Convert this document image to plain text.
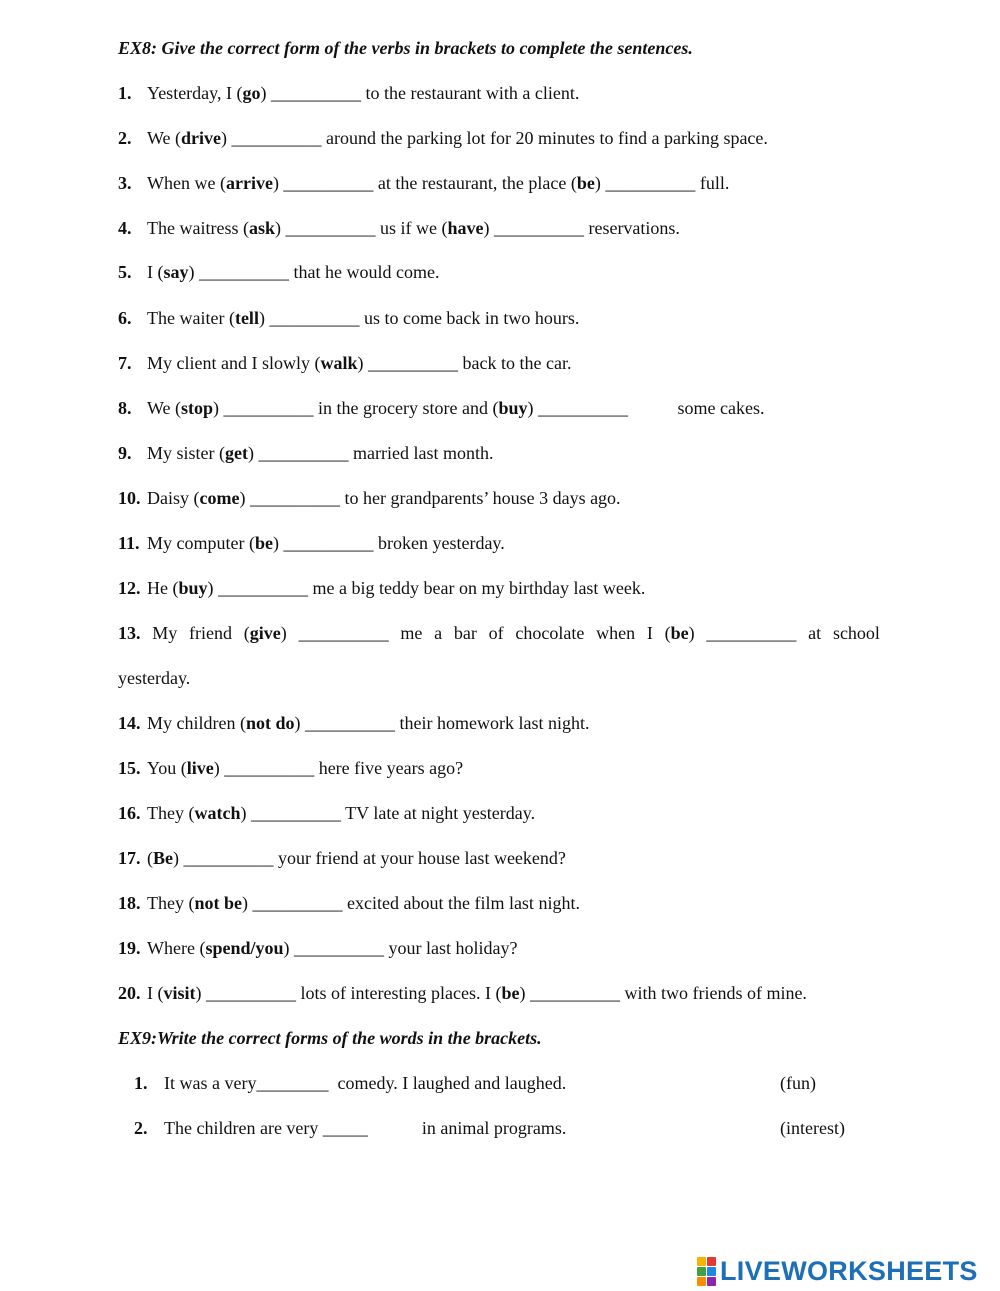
EX8: Give the correct form of the verbs in brackets to complete the sentences.
1. Yesterday, I (go) __________ to the restaurant with a client.
2. We (drive) __________ around the parking lot for 20 minutes to find a parking space.
3. When we (arrive) __________ at the restaurant, the place (be) __________ full.
4. The waitress (ask) __________ us if we (have) __________ reservations.
5. I (say) __________ that he would come.
6. The waiter (tell) __________ us to come back in two hours.
7. My client and I slowly (walk) __________ back to the car.
8. We (stop) __________ in the grocery store and (buy) __________           some cakes.
9. My sister (get) __________ married last month.
10. Daisy (come) __________ to her grandparents’ house 3 days ago.
11. My computer (be) __________ broken yesterday.
12. He (buy) __________ me a big teddy bear on my birthday last week.
13. My friend (give) __________ me a bar of chocolate when I (be) __________ at school
yesterday.
14. My children (not do) __________ their homework last night.
15. You (live) __________ here five years ago?
16. They (watch) __________ TV late at night yesterday.
17. (Be) __________ your friend at your house last weekend?
18. They (not be) __________ excited about the film last night.
19. Where (spend/you) __________ your last holiday?
20. I (visit) __________ lots of interesting places. I (be) __________ with two friends of mine.
EX9:Write the correct forms of the words in the brackets.
1. It was a very________  comedy. I laughed and laughed.	(fun)
2. The children are very _____            in animal programs.	(interest)
LIVEWORKSHEETS
